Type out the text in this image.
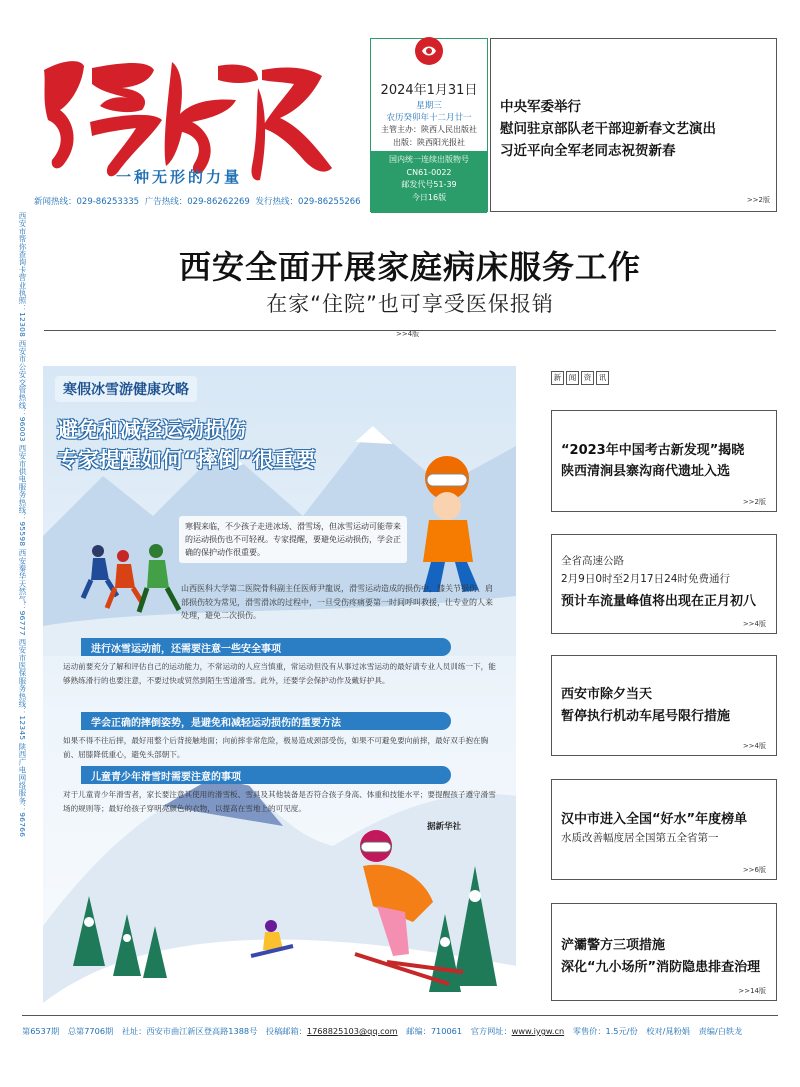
一种无形的力量
新闻热线：029-86253335 广告热线：029-86262269 发行热线：029-86255266
2024年1月31日
星期三
农历癸卯年十二月廿一
主管主办：陕西人民出版社
出版：陕西阳光报社
国内统一连续出版物号
CN61-0022
邮发代号51-39
今日16版
中央军委举行
慰问驻京部队老干部迎新春文艺演出
习近平向全军老同志祝贺新春
>>2版
西安全面开展家庭病床服务工作
在家“住院”也可享受医保报销
>>4版
西安市帮你查询卡营业执照：12308 西安市公安交管热线：96003 西安市供电服务热线：95598 西安秦华天然气：96777 西安市医保服务热线：12345 陕西广电网络服务：96766	寒假冰雪游健康攻略
避免和减轻运动损伤
专家提醒如何“摔倒”很重要
寒假来临，不少孩子走进冰场、滑雪场，但冰雪运动可能带来的运动损伤也不可轻视。专家提醒，要避免运动损伤，学会正确的保护动作很重要。
山西医科大学第二医院骨科副主任医师尹龍说，滑雪运动造成的损伤中，膝关节损伤、肩部损伤较为常见，滑雪滑冰的过程中，一旦受伤疼痛要第一时间呼叫救援，让专业的人来处理，避免二次损伤。
进行冰雪运动前，还需要注意一些安全事项
运动前要充分了解和评估自己的运动能力，不常运动的人应当慎重，常运动但没有从事过冰雪运动的最好请专业人员训练一下，能够熟练滑行的也要注意，不要过快或贸然到陌生雪道滑雪。此外，还要学会保护动作及戴好护具。
学会正确的摔倒姿势，是避免和减轻运动损伤的重要方法
如果不得不往后摔，最好用整个后背接触地面；向前摔非常危险，极易造成颈部受伤，如果不可避免要向前摔，最好双手抱在胸前、屈膝降低重心，避免头部朝下。
儿童青少年滑雪时需要注意的事项
对于儿童青少年滑雪者，家长要注意其使用的滑雪板、雪具及其他装备是否符合孩子身高、体重和技能水平；要提醒孩子遵守滑雪场的规则等；最好给孩子穿明亮颜色的衣物，以提高在雪地上的可见度。
据新华社
新	闻	资	讯
“2023年中国考古新发现”揭晓
陕西清涧县寨沟商代遗址入选
>>2版
全省高速公路
2月9日0时至2月17日24时免费通行
预计车流量峰值将出现在正月初八
>>4版
西安市除夕当天
暂停执行机动车尾号限行措施
>>4版
汉中市进入全国“好水”年度榜单
水质改善幅度居全国第五全省第一
>>6版
浐灞警方三项措施
深化“九小场所”消防隐患排查治理
>>14版
第6537期 总第7706期 社址：西安市曲江新区登高路1388号 投稿邮箱：1768825103@qq.com 邮编：710061 官方网址：www.iygw.cn 零售价：1.5元/份 校对/晁粉娟 责编/白轶龙
